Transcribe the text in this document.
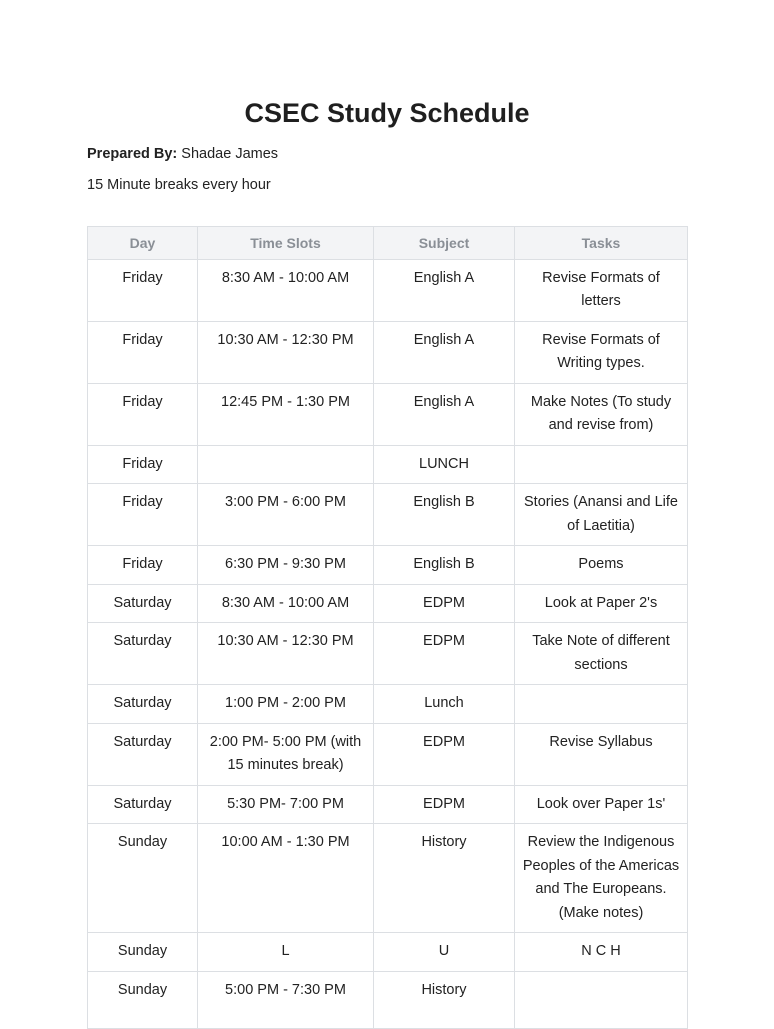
CSEC Study Schedule

Prepared By: Shadae James

15 Minute breaks every hour

Day	Time Slots	Subject	Tasks
Friday	8:30 AM - 10:00 AM	English A	Revise Formats of letters
Friday	10:30 AM - 12:30 PM	English A	Revise Formats of Writing types.
Friday	12:45 PM - 1:30 PM	English A	Make Notes (To study and revise from)
Friday		LUNCH	
Friday	3:00 PM - 6:00 PM	English B	Stories (Anansi and Life of Laetitia)
Friday	6:30 PM - 9:30 PM	English B	Poems
Saturday	8:30 AM - 10:00 AM	EDPM	Look at Paper 2's
Saturday	10:30 AM - 12:30 PM	EDPM	Take Note of different sections
Saturday	1:00 PM - 2:00 PM	Lunch	
Saturday	2:00 PM- 5:00 PM (with 15 minutes break)	EDPM	Revise Syllabus
Saturday	5:30 PM- 7:00 PM	EDPM	Look over Paper 1s'
Sunday	10:00 AM - 1:30 PM	History	Review the Indigenous Peoples of the Americas and The Europeans. (Make notes)
Sunday	L	U	N C H
Sunday	5:00 PM - 7:30 PM	History	
